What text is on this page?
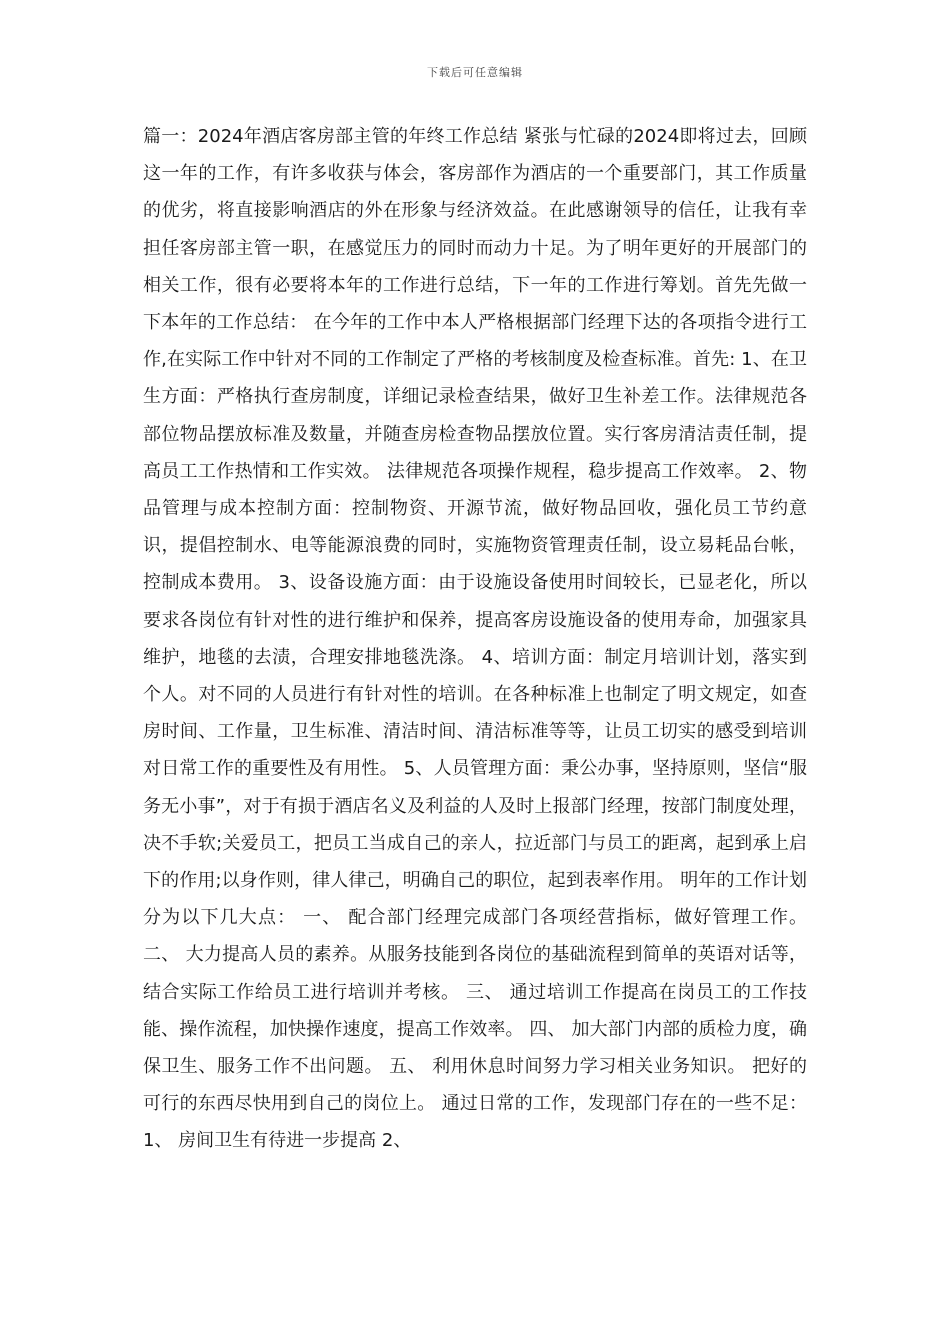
下载后可任意编辑

篇一：2024年酒店客房部主管的年终工作总结 紧张与忙碌的2024即将过去，回顾这一年的工作，有许多收获与体会，客房部作为酒店的一个重要部门，其工作质量的优劣，将直接影响酒店的外在形象与经济效益。在此感谢领导的信任，让我有幸担任客房部主管一职，在感觉压力的同时而动力十足。为了明年更好的开展部门的相关工作，很有必要将本年的工作进行总结，下一年的工作进行筹划。首先先做一下本年的工作总结： 在今年的工作中本人严格根据部门经理下达的各项指令进行工作,在实际工作中针对不同的工作制定了严格的考核制度及检查标准。首先: 1、在卫生方面：严格执行查房制度，详细记录检查结果，做好卫生补差工作。法律规范各部位物品摆放标准及数量，并随查房检查物品摆放位置。实行客房清洁责任制，提高员工工作热情和工作实效。 法律规范各项操作规程，稳步提高工作效率。 2、物品管理与成本控制方面：控制物资、开源节流，做好物品回收，强化员工节约意识，提倡控制水、电等能源浪费的同时，实施物资管理责任制，设立易耗品台帐，控制成本费用。 3、设备设施方面：由于设施设备使用时间较长，已显老化，所以要求各岗位有针对性的进行维护和保养，提高客房设施设备的使用寿命，加强家具维护，地毯的去渍，合理安排地毯洗涤。 4、培训方面：制定月培训计划，落实到个人。对不同的人员进行有针对性的培训。在各种标准上也制定了明文规定，如查房时间、工作量，卫生标准、清洁时间、清洁标准等等，让员工切实的感受到培训对日常工作的重要性及有用性。 5、人员管理方面：秉公办事，坚持原则，坚信“服务无小事”，对于有损于酒店名义及利益的人及时上报部门经理，按部门制度处理，决不手软;关爱员工，把员工当成自己的亲人，拉近部门与员工的距离，起到承上启下的作用;以身作则，律人律己，明确自己的职位，起到表率作用。 明年的工作计划分为以下几大点： 一、 配合部门经理完成部门各项经营指标，做好管理工作。 二、 大力提高人员的素养。从服务技能到各岗位的基础流程到简单的英语对话等，结合实际工作给员工进行培训并考核。 三、 通过培训工作提高在岗员工的工作技能、操作流程，加快操作速度，提高工作效率。 四、 加大部门内部的质检力度，确保卫生、服务工作不出问题。 五、 利用休息时间努力学习相关业务知识。 把好的可行的东西尽快用到自己的岗位上。 通过日常的工作，发现部门存在的一些不足： 1、 房间卫生有待进一步提高 2、
